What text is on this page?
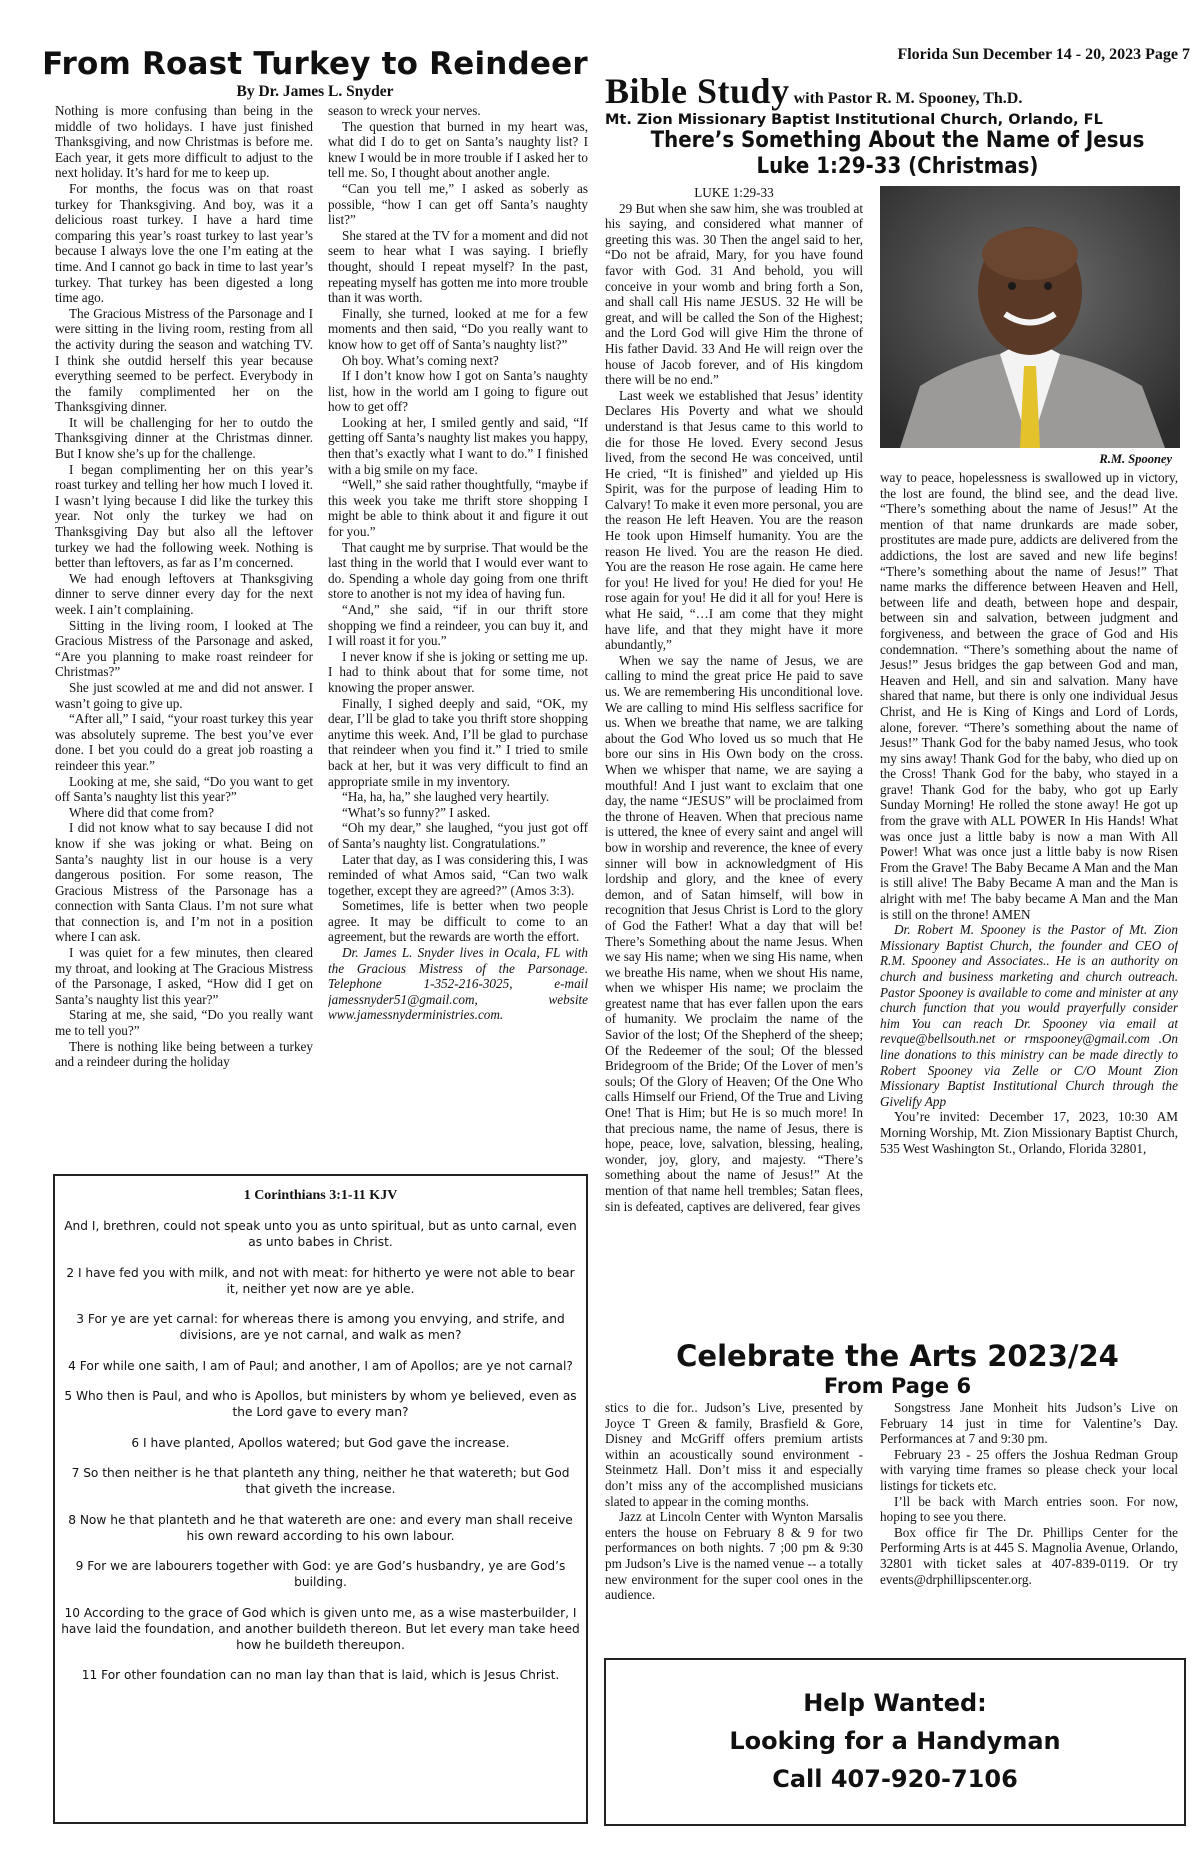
Florida Sun December 14 - 20, 2023 Page 7
From Roast Turkey to Reindeer
By Dr. James L. Snyder

Nothing is more confusing than being in the middle of two holidays. I have just finished Thanksgiving, and now Christmas is before me. Each year, it gets more difficult to adjust to the next holiday. It’s hard for me to keep up.

For months, the focus was on that roast turkey for Thanksgiving. And boy, was it a delicious roast turkey. I have a hard time comparing this year’s roast turkey to last year’s because I always love the one I’m eating at the time. And I cannot go back in time to last year’s turkey. That turkey has been digested a long time ago.

The Gracious Mistress of the Parsonage and I were sitting in the living room, resting from all the activity during the season and watching TV. I think she outdid herself this year because everything seemed to be perfect. Everybody in the family complimented her on the Thanksgiving dinner.

It will be challenging for her to outdo the Thanksgiving dinner at the Christmas dinner. But I know she’s up for the challenge.

I began complimenting her on this year’s roast turkey and telling her how much I loved it. I wasn’t lying because I did like the turkey this year. Not only the turkey we had on Thanksgiving Day but also all the leftover turkey we had the following week. Nothing is better than leftovers, as far as I’m concerned.

We had enough leftovers at Thanksgiving dinner to serve dinner every day for the next week. I ain’t complaining.

Sitting in the living room, I looked at The Gracious Mistress of the Parsonage and asked, “Are you planning to make roast reindeer for Christmas?”

She just scowled at me and did not answer. I wasn’t going to give up.

“After all,” I said, “your roast turkey this year was absolutely supreme. The best you’ve ever done. I bet you could do a great job roasting a reindeer this year.”

Looking at me, she said, “Do you want to get off Santa’s naughty list this year?”

Where did that come from?

I did not know what to say because I did not know if she was joking or what. Being on Santa’s naughty list in our house is a very dangerous position. For some reason, The Gracious Mistress of the Parsonage has a connection with Santa Claus. I’m not sure what that connection is, and I’m not in a position where I can ask.

I was quiet for a few minutes, then cleared my throat, and looking at The Gracious Mistress of the Parsonage, I asked, “How did I get on Santa’s naughty list this year?”

Staring at me, she said, “Do you really want me to tell you?”

There is nothing like being between a turkey and a reindeer during the holiday

season to wreck your nerves.

The question that burned in my heart was, what did I do to get on Santa’s naughty list? I knew I would be in more trouble if I asked her to tell me. So, I thought about another angle.

“Can you tell me,” I asked as soberly as possible, “how I can get off Santa’s naughty list?”

She stared at the TV for a moment and did not seem to hear what I was saying. I briefly thought, should I repeat myself? In the past, repeating myself has gotten me into more trouble than it was worth.

Finally, she turned, looked at me for a few moments and then said, “Do you really want to know how to get off of Santa’s naughty list?”

Oh boy. What’s coming next?

If I don’t know how I got on Santa’s naughty list, how in the world am I going to figure out how to get off?

Looking at her, I smiled gently and said, “If getting off Santa’s naughty list makes you happy, then that’s exactly what I want to do.” I finished with a big smile on my face.

“Well,” she said rather thoughtfully, “maybe if this week you take me thrift store shopping I might be able to think about it and figure it out for you.”

That caught me by surprise. That would be the last thing in the world that I would ever want to do. Spending a whole day going from one thrift store to another is not my idea of having fun.

“And,” she said, “if in our thrift store shopping we find a reindeer, you can buy it, and I will roast it for you.”

I never know if she is joking or setting me up. I had to think about that for some time, not knowing the proper answer.

Finally, I sighed deeply and said, “OK, my dear, I’ll be glad to take you thrift store shopping anytime this week. And, I’ll be glad to purchase that reindeer when you find it.” I tried to smile back at her, but it was very difficult to find an appropriate smile in my inventory.

“Ha, ha, ha,” she laughed very heartily.

“What’s so funny?” I asked.

“Oh my dear,” she laughed, “you just got off of Santa’s naughty list. Congratulations.”

Later that day, as I was considering this, I was reminded of what Amos said, “Can two walk together, except they are agreed?” (Amos 3:3).

Sometimes, life is better when two people agree. It may be difficult to come to an agreement, but the rewards are worth the effort.

Dr. James L. Snyder lives in Ocala, FL with the Gracious Mistress of the Parsonage. Telephone 1-352-216-3025, e-mail jamessnyder51@gmail.com, website www.jamessnyderministries.com.

1 Corinthians 3:1-11 KJV

And I, brethren, could not speak unto you as unto spiritual, but as unto carnal, even as unto babes in Christ.

2 I have fed you with milk, and not with meat: for hitherto ye were not able to bear it, neither yet now are ye able.

3 For ye are yet carnal: for whereas there is among you envying, and strife, and divisions, are ye not carnal, and walk as men?

4 For while one saith, I am of Paul; and another, I am of Apollos; are ye not carnal?

5 Who then is Paul, and who is Apollos, but ministers by whom ye believed, even as the Lord gave to every man?

6 I have planted, Apollos watered; but God gave the increase.

7 So then neither is he that planteth any thing, neither he that watereth; but God that giveth the increase.

8 Now he that planteth and he that watereth are one: and every man shall receive his own reward according to his own labour.

9 For we are labourers together with God: ye are God’s husbandry, ye are God’s building.

10 According to the grace of God which is given unto me, as a wise masterbuilder, I have laid the foundation, and another buildeth thereon. But let every man take heed how he buildeth thereupon.

11 For other foundation can no man lay than that is laid, which is Jesus Christ.

Bible Study with Pastor R. M. Spooney, Th.D.
Mt. Zion Missionary Baptist Institutional Church, Orlando, FL
There’s Something About the Name of Jesus
Luke 1:29-33 (Christmas)

LUKE 1:29-33

29 But when she saw him, she was troubled at his saying, and considered what manner of greeting this was. 30 Then the angel said to her, “Do not be afraid, Mary, for you have found favor with God. 31 And behold, you will conceive in your womb and bring forth a Son, and shall call His name JESUS. 32 He will be great, and will be called the Son of the Highest; and the Lord God will give Him the throne of His father David. 33 And He will reign over the house of Jacob forever, and of His kingdom there will be no end.”

Last week we established that Jesus’ identity Declares His Poverty and what we should understand is that Jesus came to this world to die for those He loved. Every second Jesus lived, from the second He was conceived, until He cried, “It is finished” and yielded up His Spirit, was for the purpose of leading Him to Calvary! To make it even more personal, you are the reason He left Heaven. You are the reason He took upon Himself humanity. You are the reason He lived. You are the reason He died. You are the reason He rose again. He came here for you! He lived for you! He died for you! He rose again for you! He did it all for you! Here is what He said, “…I am come that they might have life, and that they might have it more abundantly,”

When we say the name of Jesus, we are calling to mind the great price He paid to save us. We are remembering His unconditional love. We are calling to mind His selfless sacrifice for us. When we breathe that name, we are talking about the God Who loved us so much that He bore our sins in His Own body on the cross. When we whisper that name, we are saying a mouthful! And I just want to exclaim that one day, the name “JESUS” will be proclaimed from the throne of Heaven. When that precious name is uttered, the knee of every saint and angel will bow in worship and reverence, the knee of every sinner will bow in acknowledgment of His lordship and glory, and the knee of every demon, and of Satan himself, will bow in recognition that Jesus Christ is Lord to the glory of God the Father! What a day that will be! There’s Something about the name Jesus. When we say His name; when we sing His name, when we breathe His name, when we shout His name, when we whisper His name; we proclaim the greatest name that has ever fallen upon the ears of humanity. We proclaim the name of the Savior of the lost; Of the Shepherd of the sheep; Of the Redeemer of the soul; Of the blessed Bridegroom of the Bride; Of the Lover of men’s souls; Of the Glory of Heaven; Of the One Who calls Himself our Friend, Of the True and Living One! That is Him; but He is so much more! In that precious name, the name of Jesus, there is hope, peace, love, salvation, blessing, healing, wonder, joy, glory, and majesty. “There’s something about the name of Jesus!” At the mention of that name hell trembles; Satan flees, sin is defeated, captives are delivered, fear gives

R.M. Spooney

way to peace, hopelessness is swallowed up in victory, the lost are found, the blind see, and the dead live. “There’s something about the name of Jesus!” At the mention of that name drunkards are made sober, prostitutes are made pure, addicts are delivered from the addictions, the lost are saved and new life begins! “There’s something about the name of Jesus!” That name marks the difference between Heaven and Hell, between life and death, between hope and despair, between sin and salvation, between judgment and forgiveness, and between the grace of God and His condemnation. “There’s something about the name of Jesus!” Jesus bridges the gap between God and man, Heaven and Hell, and sin and salvation. Many have shared that name, but there is only one individual Jesus Christ, and He is King of Kings and Lord of Lords, alone, forever. “There’s something about the name of Jesus!” Thank God for the baby named Jesus, who took my sins away! Thank God for the baby, who died up on the Cross! Thank God for the baby, who stayed in a grave! Thank God for the baby, who got up Early Sunday Morning! He rolled the stone away! He got up from the grave with ALL POWER In His Hands! What was once just a little baby is now a man With All Power! What was once just a little baby is now Risen From the Grave! The Baby Became A Man and the Man is still alive! The Baby Became A man and the Man is alright with me! The baby became A Man and the Man is still on the throne! AMEN

Dr. Robert M. Spooney is the Pastor of Mt. Zion Missionary Baptist Church, the founder and CEO of R.M. Spooney and Associates.. He is an authority on church and business marketing and church outreach. Pastor Spooney is available to come and minister at any church function that you would prayerfully consider him You can reach Dr. Spooney via email at revque@bellsouth.net or rmspooney@gmail.com .On line donations to this ministry can be made directly to Robert Spooney via Zelle or C/O Mount Zion Missionary Baptist Institutional Church through the Givelify App

You’re invited: December 17, 2023, 10:30 AM Morning Worship, Mt. Zion Missionary Baptist Church, 535 West Washington St., Orlando, Florida 32801,

Celebrate the Arts 2023/24
From Page 6

stics to die for.. Judson’s Live, presented by Joyce T Green & family, Brasfield & Gore, Disney and McGriff offers premium artists within an acoustically sound environment - Steinmetz Hall. Don’t miss it and especially don’t miss any of the accomplished musicians slated to appear in the coming months.

Jazz at Lincoln Center with Wynton Marsalis enters the house on February 8 & 9 for two performances on both nights. 7 ;00 pm & 9:30 pm Judson’s Live is the named venue -- a totally new environment for the super cool ones in the audience.

Songstress Jane Monheit hits Judson’s Live on February 14 just in time for Valentine’s Day. Performances at 7 and 9:30 pm.

February 23 - 25 offers the Joshua Redman Group with varying time frames so please check your local listings for tickets etc.

I’ll be back with March entries soon. For now, hoping to see you there.

Box office fir The Dr. Phillips Center for the Performing Arts is at 445 S. Magnolia Avenue, Orlando, 32801 with ticket sales at 407-839-0119. Or try events@drphillipscenter.org.

Help Wanted:
Looking for a Handyman
Call 407-920-7106
